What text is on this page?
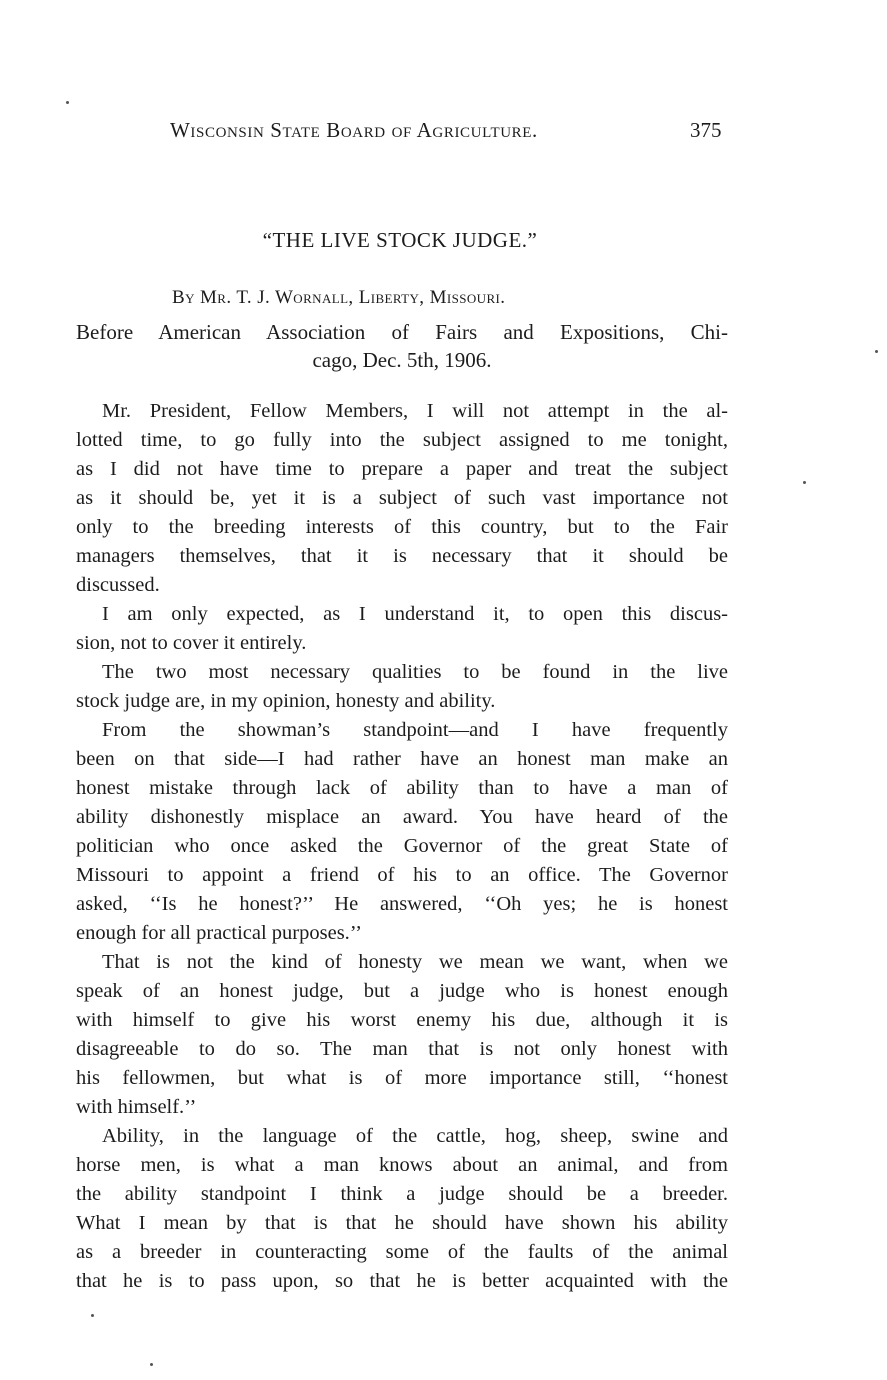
Wisconsin State Board of Agriculture.	375
“THE LIVE STOCK JUDGE.”
By Mr. T. J. Wornall, Liberty, Missouri.
Before American Association of Fairs and Expositions, Chi-
cago, Dec. 5th, 1906.
Mr. President, Fellow Members, I will not attempt in the al-
lotted time, to go fully into the subject assigned to me tonight,
as I did not have time to prepare a paper and treat the subject
as it should be, yet it is a subject of such vast importance not
only to the breeding interests of this country, but to the Fair
managers themselves, that it is necessary that it should be
discussed.
I am only expected, as I understand it, to open this discus-
sion, not to cover it entirely.
The two most necessary qualities to be found in the live
stock judge are, in my opinion, honesty and ability.
From the showman’s standpoint—and I have frequently
been on that side—I had rather have an honest man make an
honest mistake through lack of ability than to have a man of
ability dishonestly misplace an award. You have heard of the
politician who once asked the Governor of the great State of
Missouri to appoint a friend of his to an office. The Governor
asked, ‘‘Is he honest?’’ He answered, ‘‘Oh yes; he is honest
enough for all practical purposes.’’
That is not the kind of honesty we mean we want, when we
speak of an honest judge, but a judge who is honest enough
with himself to give his worst enemy his due, although it is
disagreeable to do so. The man that is not only honest with
his fellowmen, but what is of more importance still, ‘‘honest
with himself.’’
Ability, in the language of the cattle, hog, sheep, swine and
horse men, is what a man knows about an animal, and from
the ability standpoint I think a judge should be a breeder.
What I mean by that is that he should have shown his ability
as a breeder in counteracting some of the faults of the animal
that he is to pass upon, so that he is better acquainted with the
